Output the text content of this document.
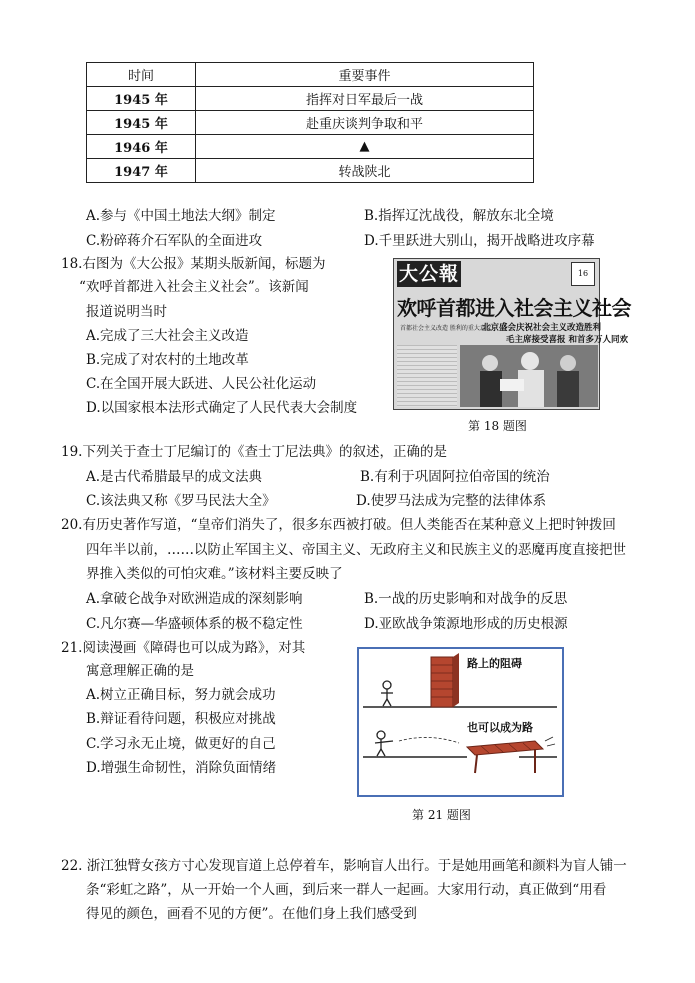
时间	重要事件
1945 年	指挥对日军最后一战
1945 年	赴重庆谈判争取和平
1946 年	▲
1947 年	转战陕北
A.参与《中国土地法大纲》制定	B.指挥辽沈战役，解放东北全境
C.粉碎蒋介石军队的全面进攻	D.千里跃进大别山，揭开战略进攻序幕
18.右图为《大公报》某期头版新闻，标题为
“欢呼首都进入社会主义社会”。该新闻
报道说明当时
A.完成了三大社会主义改造
B.完成了对农村的土地改革
C.在全国开展大跃进、人民公社化运动
D.以国家根本法形式确定了人民代表大会制度
大公報	16
欢呼首都进入社会主义社会
首都社会主义改造 胜利的重大意义
北京盛会庆祝社会主义改造胜利
毛主席接受喜报 和首多万人同欢
第 18 题图
19.下列关于查士丁尼编订的《查士丁尼法典》的叙述，正确的是
A.是古代希腊最早的成文法典	B.有利于巩固阿拉伯帝国的统治
C.该法典又称《罗马民法大全》	D.使罗马法成为完整的法律体系
20.有历史著作写道，“皇帝们消失了，很多东西被打破。但人类能否在某种意义上把时钟拨回
四年半以前，……以防止军国主义、帝国主义、无政府主义和民族主义的恶魔再度直接把世
界推入类似的可怕灾难。”该材料主要反映了
A.拿破仑战争对欧洲造成的深刻影响	B.一战的历史影响和对战争的反思
C.凡尔赛—华盛顿体系的极不稳定性	D.亚欧战争策源地形成的历史根源
21.阅读漫画《障碍也可以成为路》，对其
寓意理解正确的是
A.树立正确目标，努力就会成功
B.辩证看待问题，积极应对挑战
C.学习永无止境，做更好的自己
D.增强生命韧性，消除负面情绪
路上的阻碍
也可以成为路
第 21 题图
22. 浙江独臂女孩方寸心发现盲道上总停着车，影响盲人出行。于是她用画笔和颜料为盲人铺一
条“彩虹之路”，从一开始一个人画，到后来一群人一起画。大家用行动，真正做到“用看
得见的颜色，画看不见的方便”。在他们身上我们感受到
